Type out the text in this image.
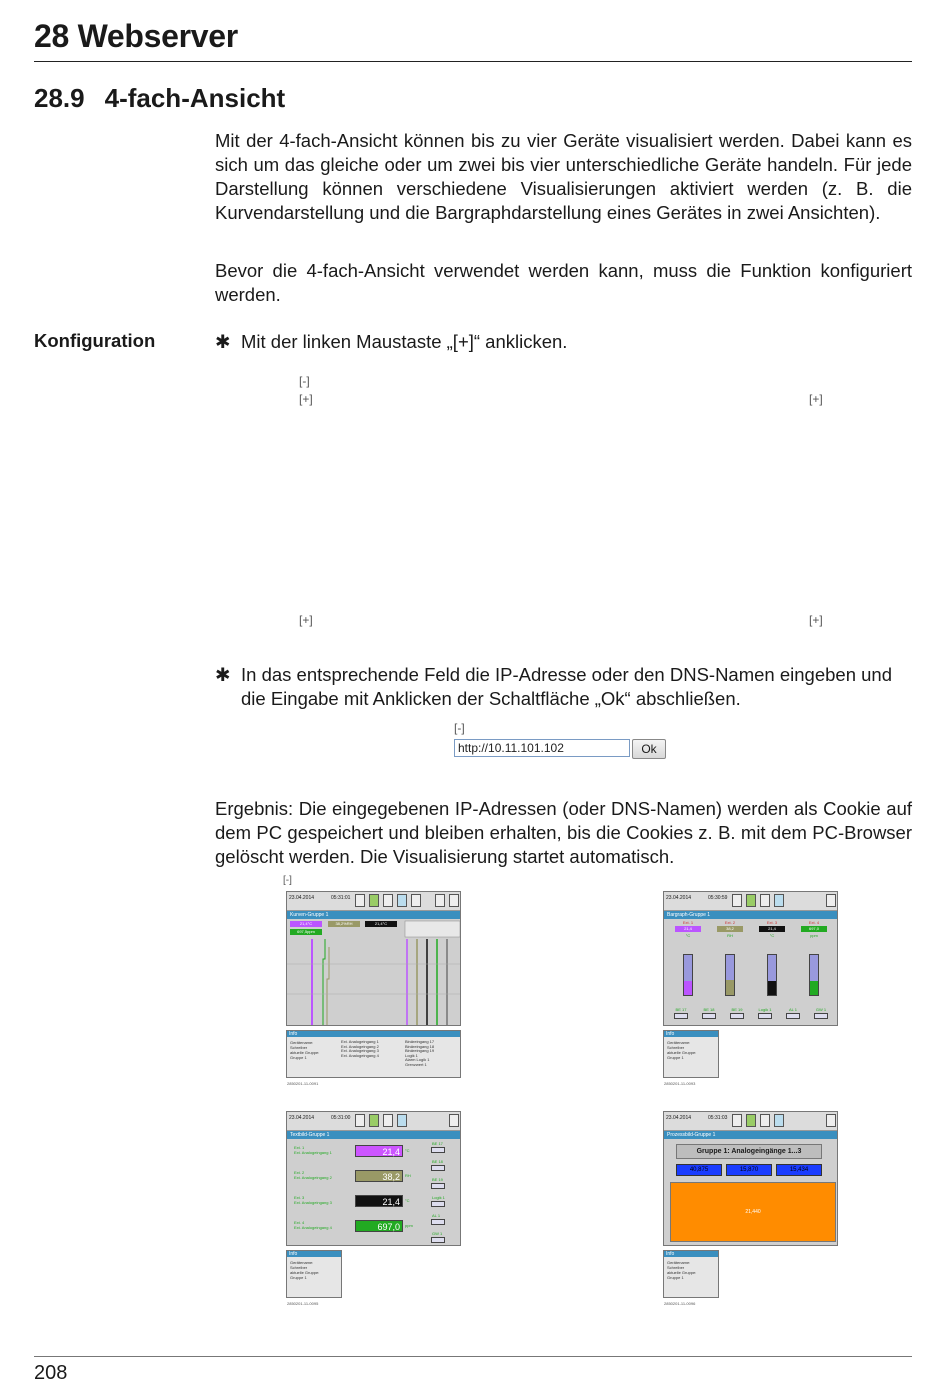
28 Webserver
28.9 4-fach-Ansicht
Mit der 4-fach-Ansicht können bis zu vier Geräte visualisiert werden. Dabei kann es sich um das gleiche oder um zwei bis vier unterschiedliche Geräte handeln. Für jede Darstellung können verschiedene Visualisierungen aktiviert werden (z. B. die Kurvendarstellung und die Bargraphdarstellung eines Gerätes in zwei Ansichten).
Bevor die 4-fach-Ansicht verwendet werden kann, muss die Funktion konfiguriert werden.
Konfiguration	✱ Mit der linken Maustaste „[+]“ anklicken.
[-]
[+]	[+]
[+]	[+]
✱ In das entsprechende Feld die IP-Adresse oder den DNS-Namen eingeben und die Eingabe mit Anklicken der Schaltfläche „Ok“ abschließen.
[-]
http://10.11.101.102	Ok
Ergebnis: Die eingegebenen IP-Adressen (oder DNS-Namen) werden als Cookie auf dem PC gespeichert und bleiben erhalten, bis die Cookies z. B. mit dem PC-Browser gelöscht werden. Die Visualisierung startet automatisch.
[-]
23.04.2014	05:31:01
Kurven-Gruppe 1
21,4°C	38,2%RH	21,4°C
697,5ppm
Info
Gerätename:
Schreiber
aktuelle Gruppe:
Gruppe 1
Ext. Analogeingang 1
Ext. Analogeingang 2
Ext. Analogeingang 3
Ext. Analogeingang 4
Binäreingang 17
Binäreingang 18
Binäreingang 19
Logik 1
Alarm Logik 1
Grenzwert 1
2850201-11-0091
23.04.2014	05:30:59
Bargraph-Gruppe 1
Ext. 1
21,4
°C
Ext. 2
38,2
RH
Ext. 3
21,4
°C
Ext. 4
697,0
ppm
BE 17	BE 18	BE 19	Logik 1	AL 1	GW 1
Info
Gerätename:
Schreiber
aktuelle Gruppe:
Gruppe 1
2850201-11-0093
23.04.2014	05:31:00
Textbild-Gruppe 1
Ext. 1
Ext. Analogeingang 1	21,4	°C
Ext. 2
Ext. Analogeingang 2	38,2	RH
Ext. 3
Ext. Analogeingang 3	21,4	°C
Ext. 4
Ext. Analogeingang 4	697,0	ppm
BE 17
BE 18
BE 19
Logik 1
AL 1
GW 1
Info
Gerätename:
Schreiber
aktuelle Gruppe:
Gruppe 1
2850201-11-0095
23.04.2014	05:31:03
Prozessbild-Gruppe 1
Gruppe 1: Analogeingänge 1...3
40,875	15,870	15,434
21,440
Info
Gerätename:
Schreiber
aktuelle Gruppe:
Gruppe 1
2850201-11-0096
208
